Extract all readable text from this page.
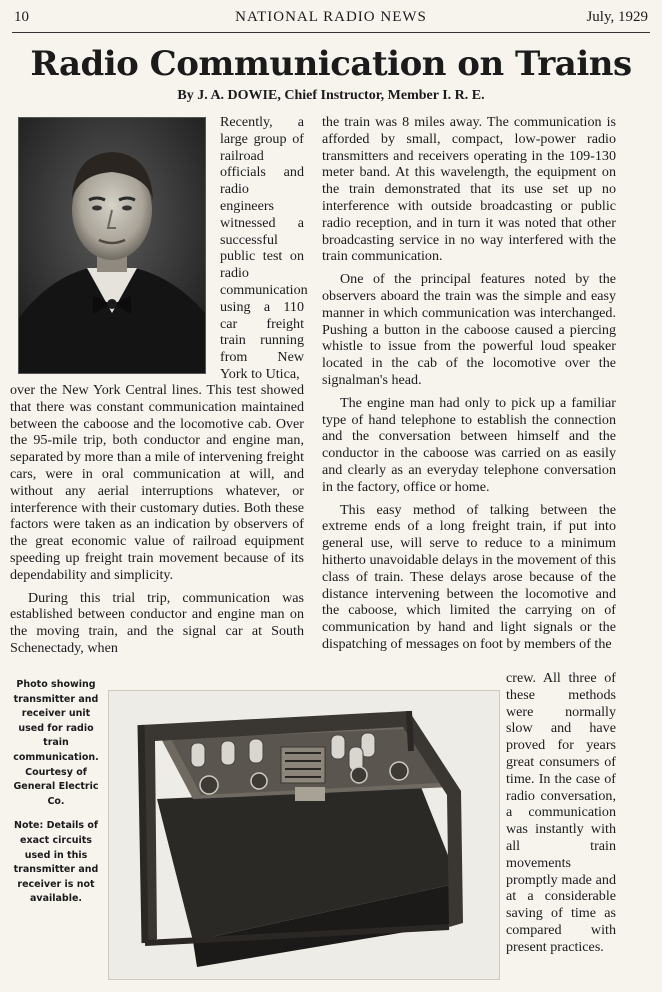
10	NATIONAL RADIO NEWS	July, 1929
Radio Communication on Trains
By J. A. DOWIE, Chief Instructor, Member I. R. E.

Recently, a large group of railroad officials and radio engineers witnessed a successful public test on radio communication using a 110 car freight train running from New York to Utica,

over the New York Central lines. This test showed that there was constant communication maintained between the caboose and the locomotive cab. Over the 95-mile trip, both conductor and engine man, separated by more than a mile of intervening freight cars, were in oral communication at will, and without any aerial interruptions whatever, or interference with their customary duties. Both these factors were taken as an indication by observers of the great economic value of railroad equipment speeding up freight train movement because of its dependability and simplicity.

During this trial trip, communication was established between conductor and engine man on the moving train, and the signal car at South Schenectady, when

the train was 8 miles away. The communication is afforded by small, compact, low-power radio transmitters and receivers operating in the 109-130 meter band. At this wavelength, the equipment on the train demonstrated that its use set up no interference with outside broadcasting or public radio reception, and in turn it was noted that other broadcasting service in no way interfered with the train communication.

One of the principal features noted by the observers aboard the train was the simple and easy manner in which communication was interchanged. Pushing a button in the caboose caused a piercing whistle to issue from the powerful loud speaker located in the cab of the locomotive over the signalman's head.

The engine man had only to pick up a familiar type of hand telephone to establish the connection and the conversation between himself and the conductor in the caboose was carried on as easily and clearly as an everyday telephone conversation in the factory, office or home.

This easy method of talking between the extreme ends of a long freight train, if put into general use, will serve to reduce to a minimum hitherto unavoidable delays in the movement of this class of train. These delays arose because of the distance intervening between the locomotive and the caboose, which limited the carrying on of communication by hand and light signals or the dispatching of messages on foot by members of the

crew. All three of these methods were normally slow and have proved for years great consumers of time. In the case of radio conversation, a communication was instantly with all train movements promptly made and at a considerable saving of time as compared with present practices.

Photo showing transmitter and receiver unit used for radio train communication. Courtesy of General Electric Co.
Note: Details of exact circuits used in this transmitter and receiver is not available.
